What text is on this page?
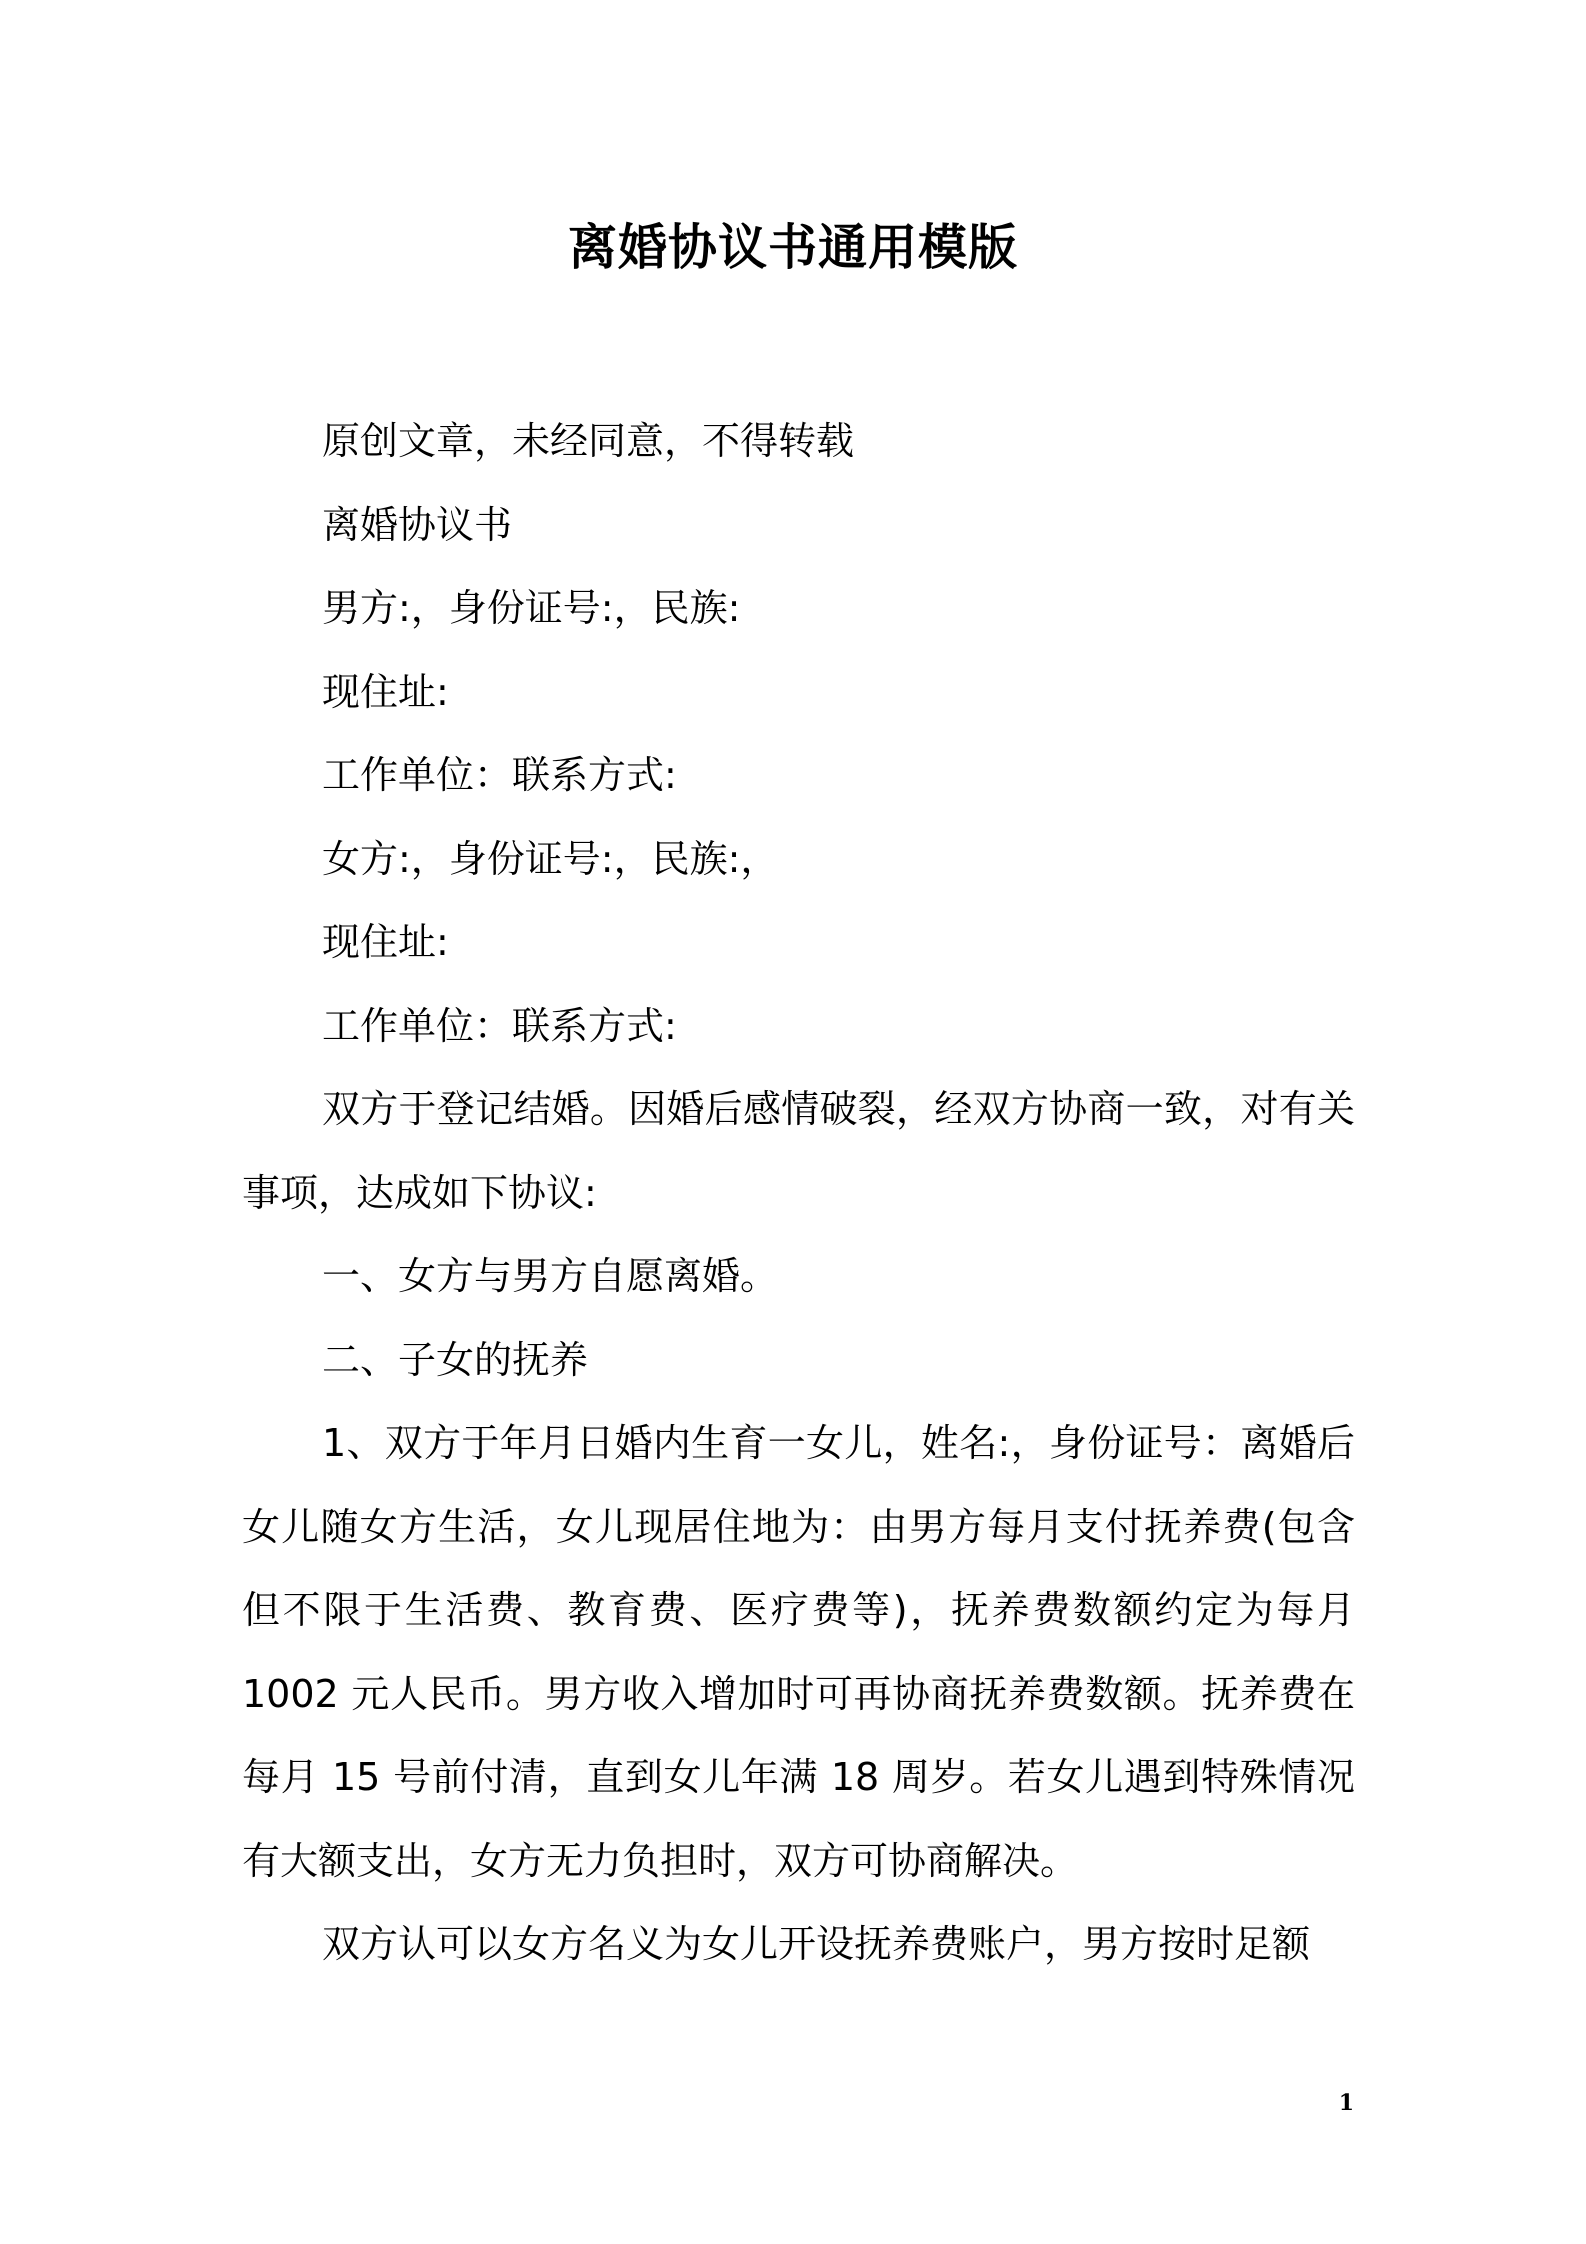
离婚协议书通用模版

原创文章，未经同意，不得转载

离婚协议书

男方:，身份证号:，民族:

现住址:

工作单位：联系方式:

女方:，身份证号:，民族:，

现住址:

工作单位：联系方式:

双方于登记结婚。因婚后感情破裂，经双方协商一致，对有关事项，达成如下协议:

一、女方与男方自愿离婚。

二、子女的抚养

1、双方于年月日婚内生育一女儿，姓名:，身份证号：离婚后女儿随女方生活，女儿现居住地为：由男方每月支付抚养费(包含但不限于生活费、教育费、医疗费等)，抚养费数额约定为每月 1002 元人民币。男方收入增加时可再协商抚养费数额。抚养费在每月 15 号前付清，直到女儿年满 18 周岁。若女儿遇到特殊情况有大额支出，女方无力负担时，双方可协商解决。

双方认可以女方名义为女儿开设抚养费账户，男方按时足额

1
